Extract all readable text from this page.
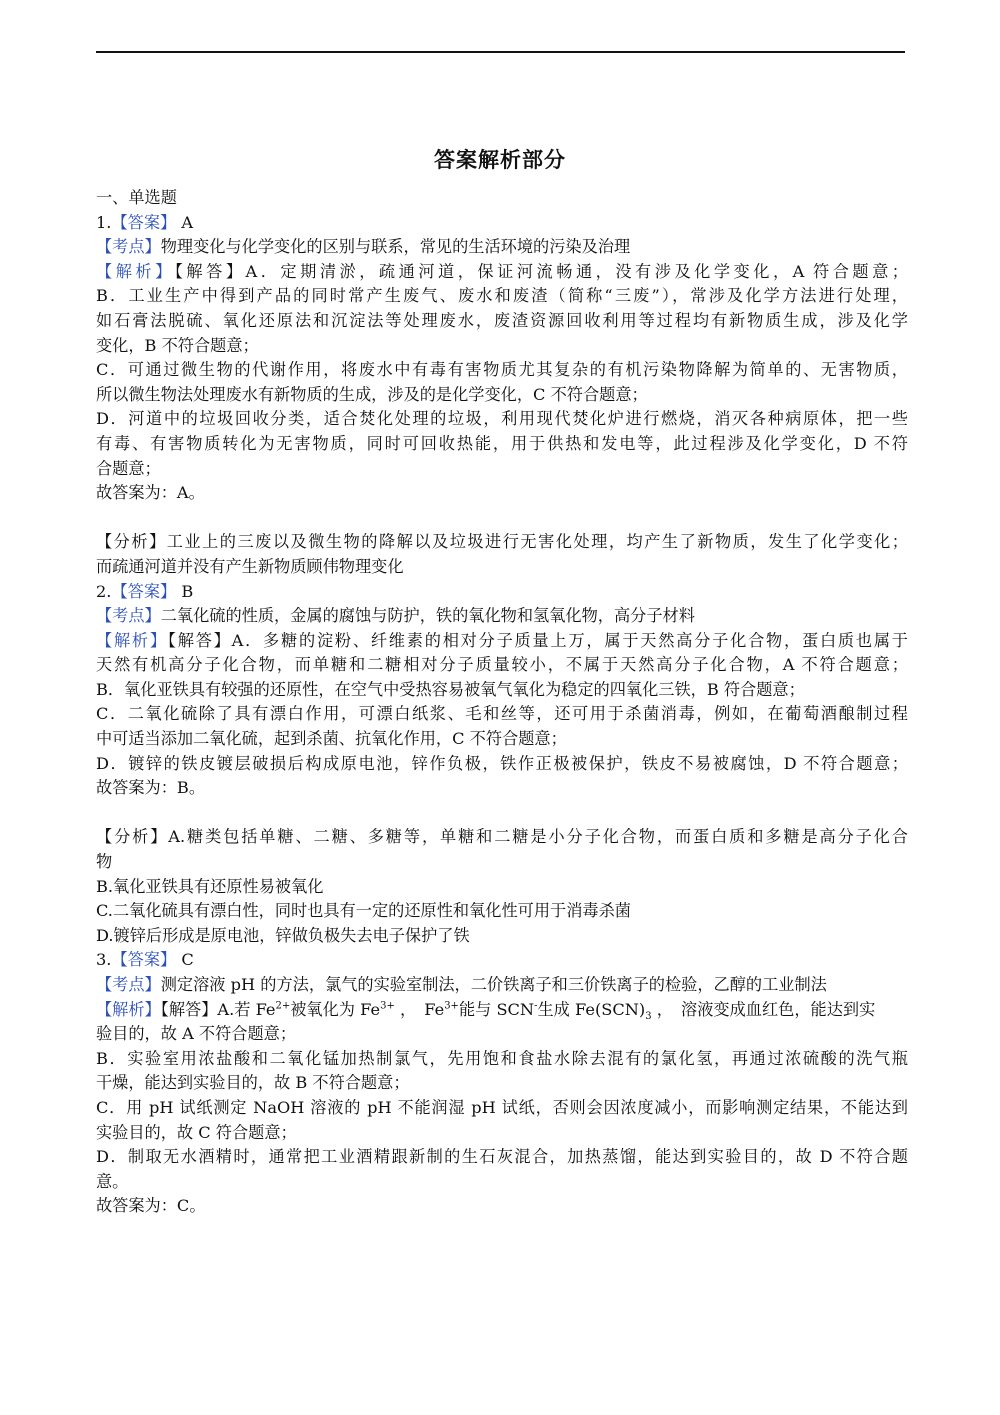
答案解析部分
一、单选题
1.【答案】 A
【考点】物理变化与化学变化的区别与联系，常见的生活环境的污染及治理
【解析】【解答】A．定期清淤，疏通河道，保证河流畅通，没有涉及化学变化，A 符合题意；
B．工业生产中得到产品的同时常产生废气、废水和废渣（简称“三废”），常涉及化学方法进行处理，
如石膏法脱硫、氧化还原法和沉淀法等处理废水，废渣资源回收利用等过程均有新物质生成，涉及化学
变化，B 不符合题意；
C．可通过微生物的代谢作用，将废水中有毒有害物质尤其复杂的有机污染物降解为简单的、无害物质，
所以微生物法处理废水有新物质的生成，涉及的是化学变化，C 不符合题意；
D．河道中的垃圾回收分类，适合焚化处理的垃圾，利用现代焚化炉进行燃烧，消灭各种病原体，把一些
有毒、有害物质转化为无害物质，同时可回收热能，用于供热和发电等，此过程涉及化学变化，D 不符
合题意；
故答案为：A。
【分析】工业上的三废以及微生物的降解以及垃圾进行无害化处理，均产生了新物质，发生了化学变化；
而疏通河道并没有产生新物质顾伟物理变化
2.【答案】 B
【考点】二氧化硫的性质，金属的腐蚀与防护，铁的氧化物和氢氧化物，高分子材料
【解析】【解答】A．多糖的淀粉、纤维素的相对分子质量上万，属于天然高分子化合物，蛋白质也属于
天然有机高分子化合物，而单糖和二糖相对分子质量较小，不属于天然高分子化合物，A 不符合题意；
B．氧化亚铁具有较强的还原性，在空气中受热容易被氧气氧化为稳定的四氧化三铁，B 符合题意；
C．二氧化硫除了具有漂白作用，可漂白纸浆、毛和丝等，还可用于杀菌消毒，例如，在葡萄酒酿制过程
中可适当添加二氧化硫，起到杀菌、抗氧化作用，C 不符合题意；
D．镀锌的铁皮镀层破损后构成原电池，锌作负极，铁作正极被保护，铁皮不易被腐蚀，D 不符合题意；
故答案为：B。
【分析】A.糖类包括单糖、二糖、多糖等，单糖和二糖是小分子化合物，而蛋白质和多糖是高分子化合
物
B.氧化亚铁具有还原性易被氧化
C.二氧化硫具有漂白性，同时也具有一定的还原性和氧化性可用于消毒杀菌
D.镀锌后形成是原电池，锌做负极失去电子保护了铁
3.【答案】 C
【考点】测定溶液 pH 的方法，氯气的实验室制法，二价铁离子和三价铁离子的检验，乙醇的工业制法
【解析】【解答】A.若 $Fe^{2+}$被氧化为 $Fe^{3+}$ ，　$Fe^{3+}$能与 SCN-生成 $Fe(SCN)_3$ ，　溶液变成血红色，能达到实
验目的，故 A 不符合题意；
B．实验室用浓盐酸和二氧化锰加热制氯气，先用饱和食盐水除去混有的氯化氢，再通过浓硫酸的洗气瓶
干燥，能达到实验目的，故 B 不符合题意；
C．用 pH 试纸测定 NaOH 溶液的 pH 不能润湿 pH 试纸，否则会因浓度减小，而影响测定结果，不能达到
实验目的，故 C 符合题意；
D．制取无水酒精时，通常把工业酒精跟新制的生石灰混合，加热蒸馏，能达到实验目的，故 D 不符合题
意。
故答案为：C。
